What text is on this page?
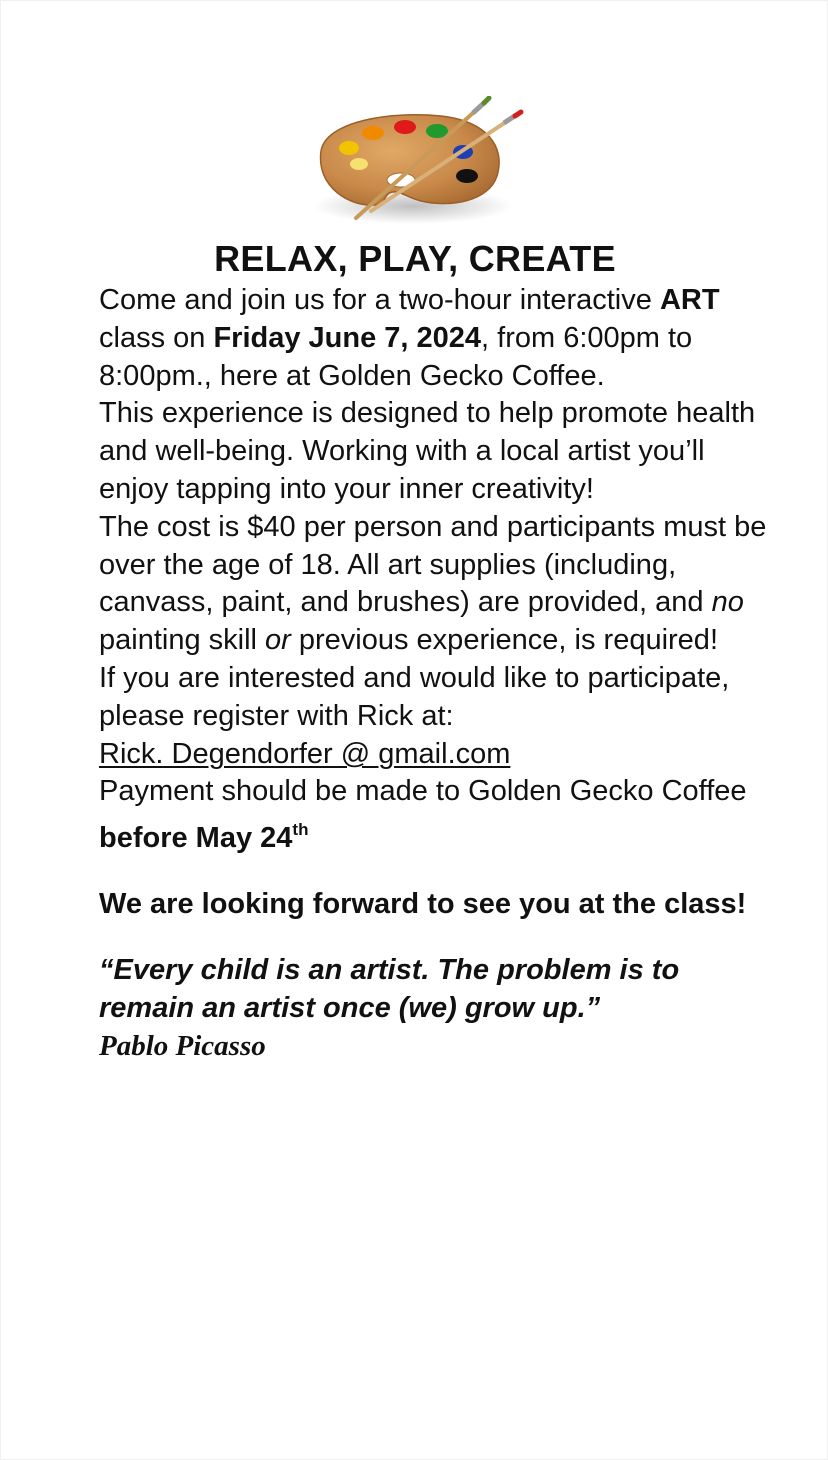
RELAX, PLAY, CREATE

Come and join us for a two-hour interactive ART class on Friday June 7, 2024, from 6:00pm to 8:00pm., here at Golden Gecko Coffee.

This experience is designed to help promote health and well-being. Working with a local artist you’ll enjoy tapping into your inner creativity!

The cost is $40 per person and participants must be over the age of 18. All art supplies (including, canvass, paint, and brushes) are provided, and no painting skill or previous experience, is required!

If you are interested and would like to participate, please register with Rick at:

Rick. Degendorfer @ gmail.com

Payment should be made to Golden Gecko Coffee before May 24th

We are looking forward to see you at the class!

“Every child is an artist. The problem is to remain an artist once (we) grow up.”

Pablo Picasso
